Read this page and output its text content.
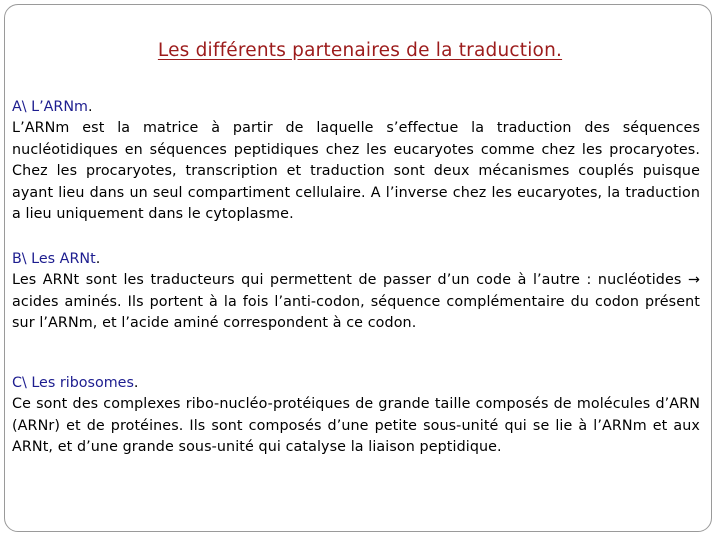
Les différents partenaires de la traduction.
A\ L’ARNm.
L’ARNm est la matrice à partir de laquelle s’effectue la traduction des séquences nucléotidiques en séquences peptidiques chez les eucaryotes comme chez les procaryotes. Chez les procaryotes, transcription et traduction sont deux mécanismes couplés puisque ayant lieu dans un seul compartiment cellulaire. A l’inverse chez les eucaryotes, la traduction a lieu uniquement dans le cytoplasme.
B\ Les ARNt.
Les ARNt sont les traducteurs qui permettent de passer d’un code à l’autre : nucléotides → acides aminés. Ils portent à la fois l’anti-codon, séquence complémentaire du codon présent sur l’ARNm, et l’acide aminé correspondent à ce codon.
C\ Les ribosomes.
Ce sont des complexes ribo-nucléo-protéiques de grande taille composés de molécules d’ARN (ARNr) et de protéines. Ils sont composés d’une petite sous-unité qui se lie à l’ARNm et aux ARNt, et d’une grande sous-unité qui catalyse la liaison peptidique.
